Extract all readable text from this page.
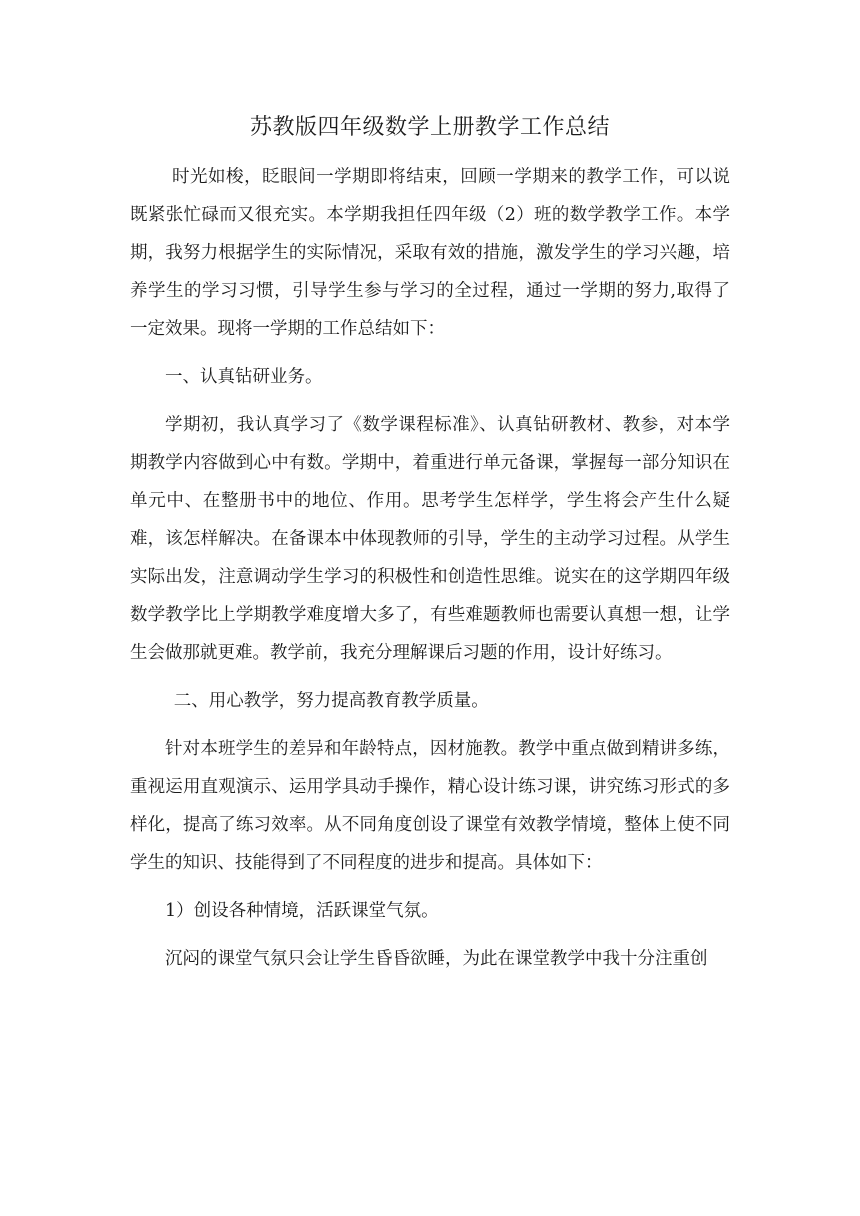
苏教版四年级数学上册教学工作总结

时光如梭，眨眼间一学期即将结束，回顾一学期来的教学工作，可以说既紧张忙碌而又很充实。本学期我担任四年级（2）班的数学教学工作。本学期，我努力根据学生的实际情况，采取有效的措施，激发学生的学习兴趣，培养学生的学习习惯，引导学生参与学习的全过程，通过一学期的努力,取得了一定效果。现将一学期的工作总结如下：

一、认真钻研业务。

学期初，我认真学习了《数学课程标准》、认真钻研教材、教参，对本学期教学内容做到心中有数。学期中，着重进行单元备课，掌握每一部分知识在单元中、在整册书中的地位、作用。思考学生怎样学，学生将会产生什么疑难，该怎样解决。在备课本中体现教师的引导，学生的主动学习过程。从学生实际出发，注意调动学生学习的积极性和创造性思维。说实在的这学期四年级数学教学比上学期教学难度增大多了，有些难题教师也需要认真想一想，让学生会做那就更难。教学前，我充分理解课后习题的作用，设计好练习。

二、用心教学，努力提高教育教学质量。

针对本班学生的差异和年龄特点，因材施教。教学中重点做到精讲多练，重视运用直观演示、运用学具动手操作，精心设计练习课，讲究练习形式的多样化，提高了练习效率。从不同角度创设了课堂有效教学情境，整体上使不同学生的知识、技能得到了不同程度的进步和提高。具体如下：

1）创设各种情境，活跃课堂气氛。

沉闷的课堂气氛只会让学生昏昏欲睡，为此在课堂教学中我十分注重创
